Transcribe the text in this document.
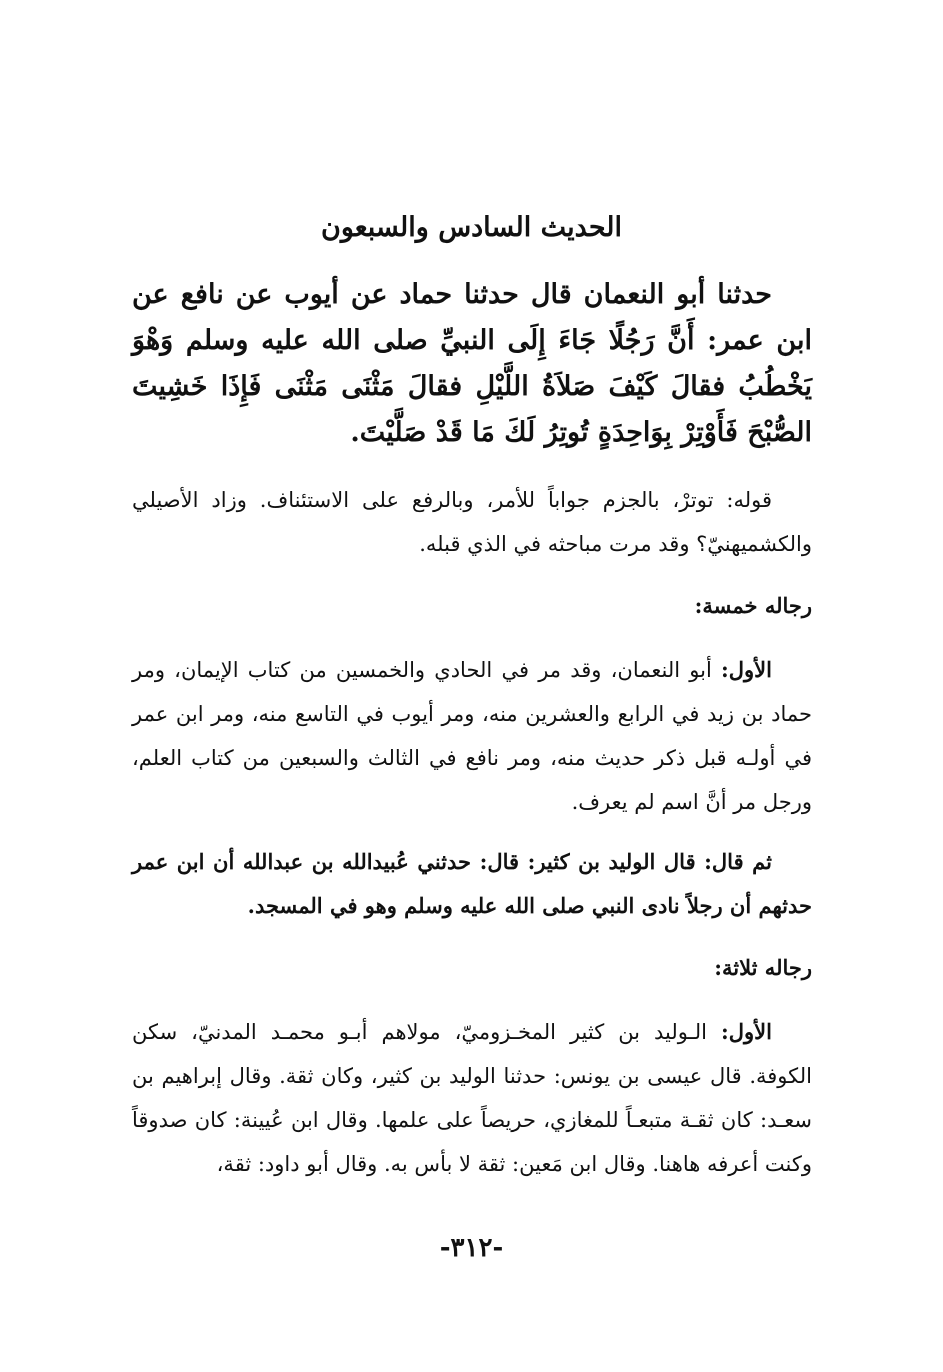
الحديث السادس والسبعون

حدثنا أبو النعمان قال حدثنا حماد عن أيوب عن نافع عن ابن عمر: أَنَّ رَجُلًا جَاءَ إِلَى النبيِّ صلى الله عليه وسلم وَهْوَ يَخْطُبُ فقالَ كَيْفَ صَلاَةُ اللَّيْلِ فقالَ مَثْنَى مَثْنَى فَإِذَا خَشِيتَ الصُّبْحَ فَأَوْتِرْ بِوَاحِدَةٍ تُوتِرُ لَكَ مَا قَدْ صَلَّيْتَ.

قوله: توترْ، بالجزم جواباً للأمر، وبالرفع على الاستئناف. وزاد الأصيلي والكشميهنيّ؟ وقد مرت مباحثه في الذي قبله.

رجاله خمسة:

الأول: أبو النعمان، وقد مر في الحادي والخمسين من كتاب الإيمان، ومر حماد بن زيد في الرابع والعشرين منه، ومر أيوب في التاسع منه، ومر ابن عمر في أولـه قبل ذكر حديث منه، ومر نافع في الثالث والسبعين من كتاب العلم، ورجل مر أنَّ اسم لم يعرف.

ثم قال: قال الوليد بن كثير: قال: حدثني عُبيدالله بن عبدالله أن ابن عمر حدثهم أن رجلاً نادى النبي صلى الله عليه وسلم وهو في المسجد.

رجاله ثلاثة:

الأول: الـوليد بن كثير المخـزوميّ، مولاهم أبـو محمـد المدنيّ، سكن الكوفة. قال عيسى بن يونس: حدثنا الوليد بن كثير، وكان ثقة. وقال إبراهيم بن سعـد: كان ثقـة متبعـاً للمغازي، حريصاً على علمها. وقال ابن عُيينة: كان صدوقاً وكنت أعرفه هاهنا. وقال ابن مَعين: ثقة لا بأس به. وقال أبو داود: ثقة،

-٣١٢-
